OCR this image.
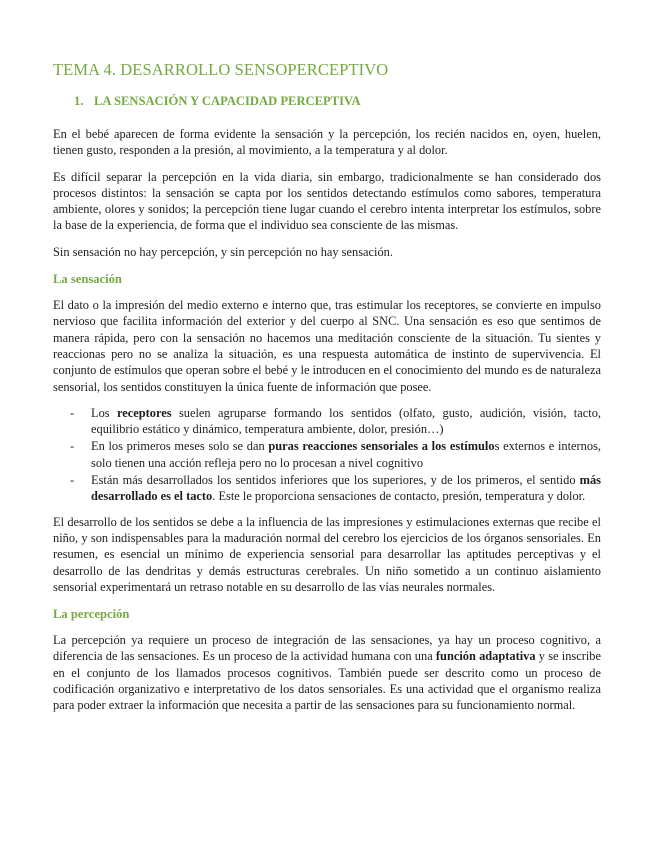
TEMA 4. DESARROLLO SENSOPERCEPTIVO
1. LA SENSACIÓN Y CAPACIDAD PERCEPTIVA

En el bebé aparecen de forma evidente la sensación y la percepción, los recién nacidos en, oyen, huelen, tienen gusto, responden a la presión, al movimiento, a la temperatura y al dolor.

Es difícil separar la percepción en la vida diaria, sin embargo, tradicionalmente se han considerado dos procesos distintos: la sensación se capta por los sentidos detectando estímulos como sabores, temperatura ambiente, olores y sonidos; la percepción tiene lugar cuando el cerebro intenta interpretar los estímulos, sobre la base de la experiencia, de forma que el individuo sea consciente de las mismas.

Sin sensación no hay percepción, y sin percepción no hay sensación.

La sensación

El dato o la impresión del medio externo e interno que, tras estimular los receptores, se convierte en impulso nervioso que facilita información del exterior y del cuerpo al SNC. Una sensación es eso que sentimos de manera rápida, pero con la sensación no hacemos una meditación consciente de la situación. Tu sientes y reaccionas pero no se analiza la situación, es una respuesta automática de instinto de supervivencia. El conjunto de estímulos que operan sobre el bebé y le introducen en el conocimiento del mundo es de naturaleza sensorial, los sentidos constituyen la única fuente de información que posee.

- Los receptores suelen agruparse formando los sentidos (olfato, gusto, audición, visión, tacto, equilibrio estático y dinámico, temperatura ambiente, dolor, presión…)
- En los primeros meses solo se dan puras reacciones sensoriales a los estímulos externos e internos, solo tienen una acción refleja pero no lo procesan a nivel cognitivo
- Están más desarrollados los sentidos inferiores que los superiores, y de los primeros, el sentido más desarrollado es el tacto. Este le proporciona sensaciones de contacto, presión, temperatura y dolor.

El desarrollo de los sentidos se debe a la influencia de las impresiones y estimulaciones externas que recibe el niño, y son indispensables para la maduración normal del cerebro los ejercicios de los órganos sensoriales. En resumen, es esencial un mínimo de experiencia sensorial para desarrollar las aptitudes perceptivas y el desarrollo de las dendritas y demás estructuras cerebrales. Un niño sometido a un continuo aislamiento sensorial experimentará un retraso notable en su desarrollo de las vías neurales normales.

La percepción

La percepción ya requiere un proceso de integración de las sensaciones, ya hay un proceso cognitivo, a diferencia de las sensaciones. Es un proceso de la actividad humana con una función adaptativa y se inscribe en el conjunto de los llamados procesos cognitivos. También puede ser descrito como un proceso de codificación organizativo e interpretativo de los datos sensoriales. Es una actividad que el organismo realiza para poder extraer la información que necesita a partir de las sensaciones para su funcionamiento normal.
